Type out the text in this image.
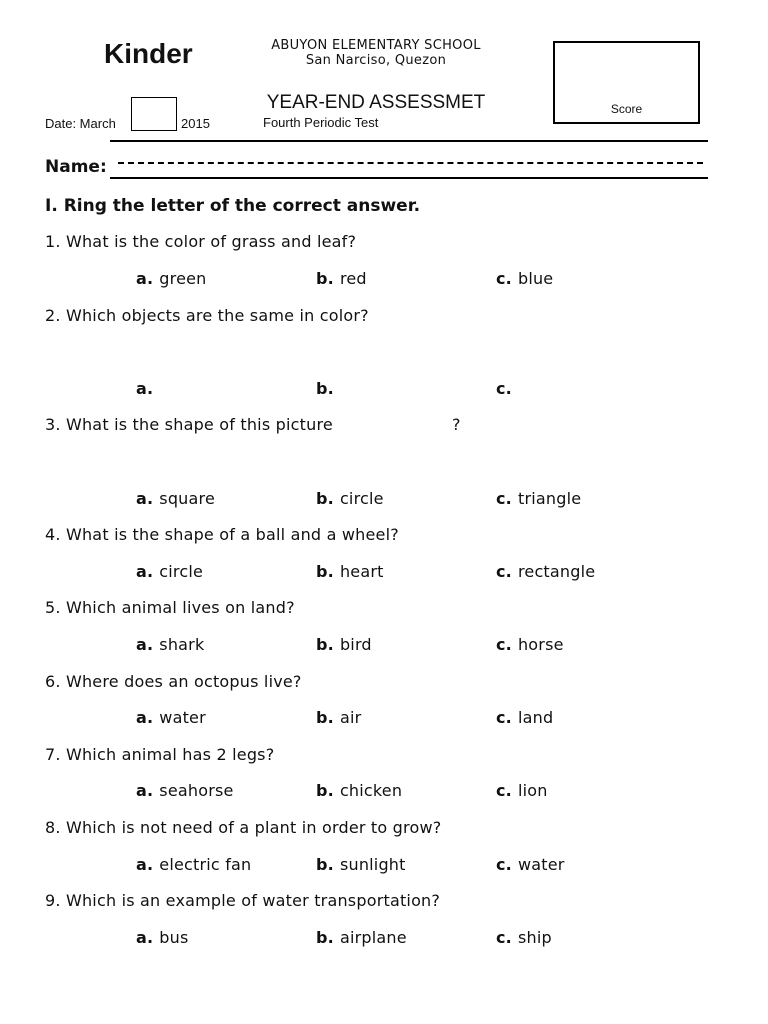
Kinder	ABUYON ELEMENTARY SCHOOL
San Narciso, Quezon
YEAR-END ASSESSMET
Date: March	2015	Fourth Periodic Test
Score
Name:
I. Ring the letter of the correct answer.
1. What is the color of grass and leaf?
a. green	b. red	c. blue
2. Which objects are the same in color?
a.	b.	c.
3. What is the shape of this picture	?
a. square	b. circle	c. triangle
4. What is the shape of a ball and a wheel?
a. circle	b. heart	c. rectangle
5. Which animal lives on land?
a. shark	b. bird	c. horse
6. Where does an octopus live?
a. water	b. air	c. land
7. Which animal has 2 legs?
a. seahorse	b. chicken	c. lion
8. Which is not need of a plant in order to grow?
a. electric fan	b. sunlight	c. water
9. Which is an example of water transportation?
a. bus	b. airplane	c. ship
